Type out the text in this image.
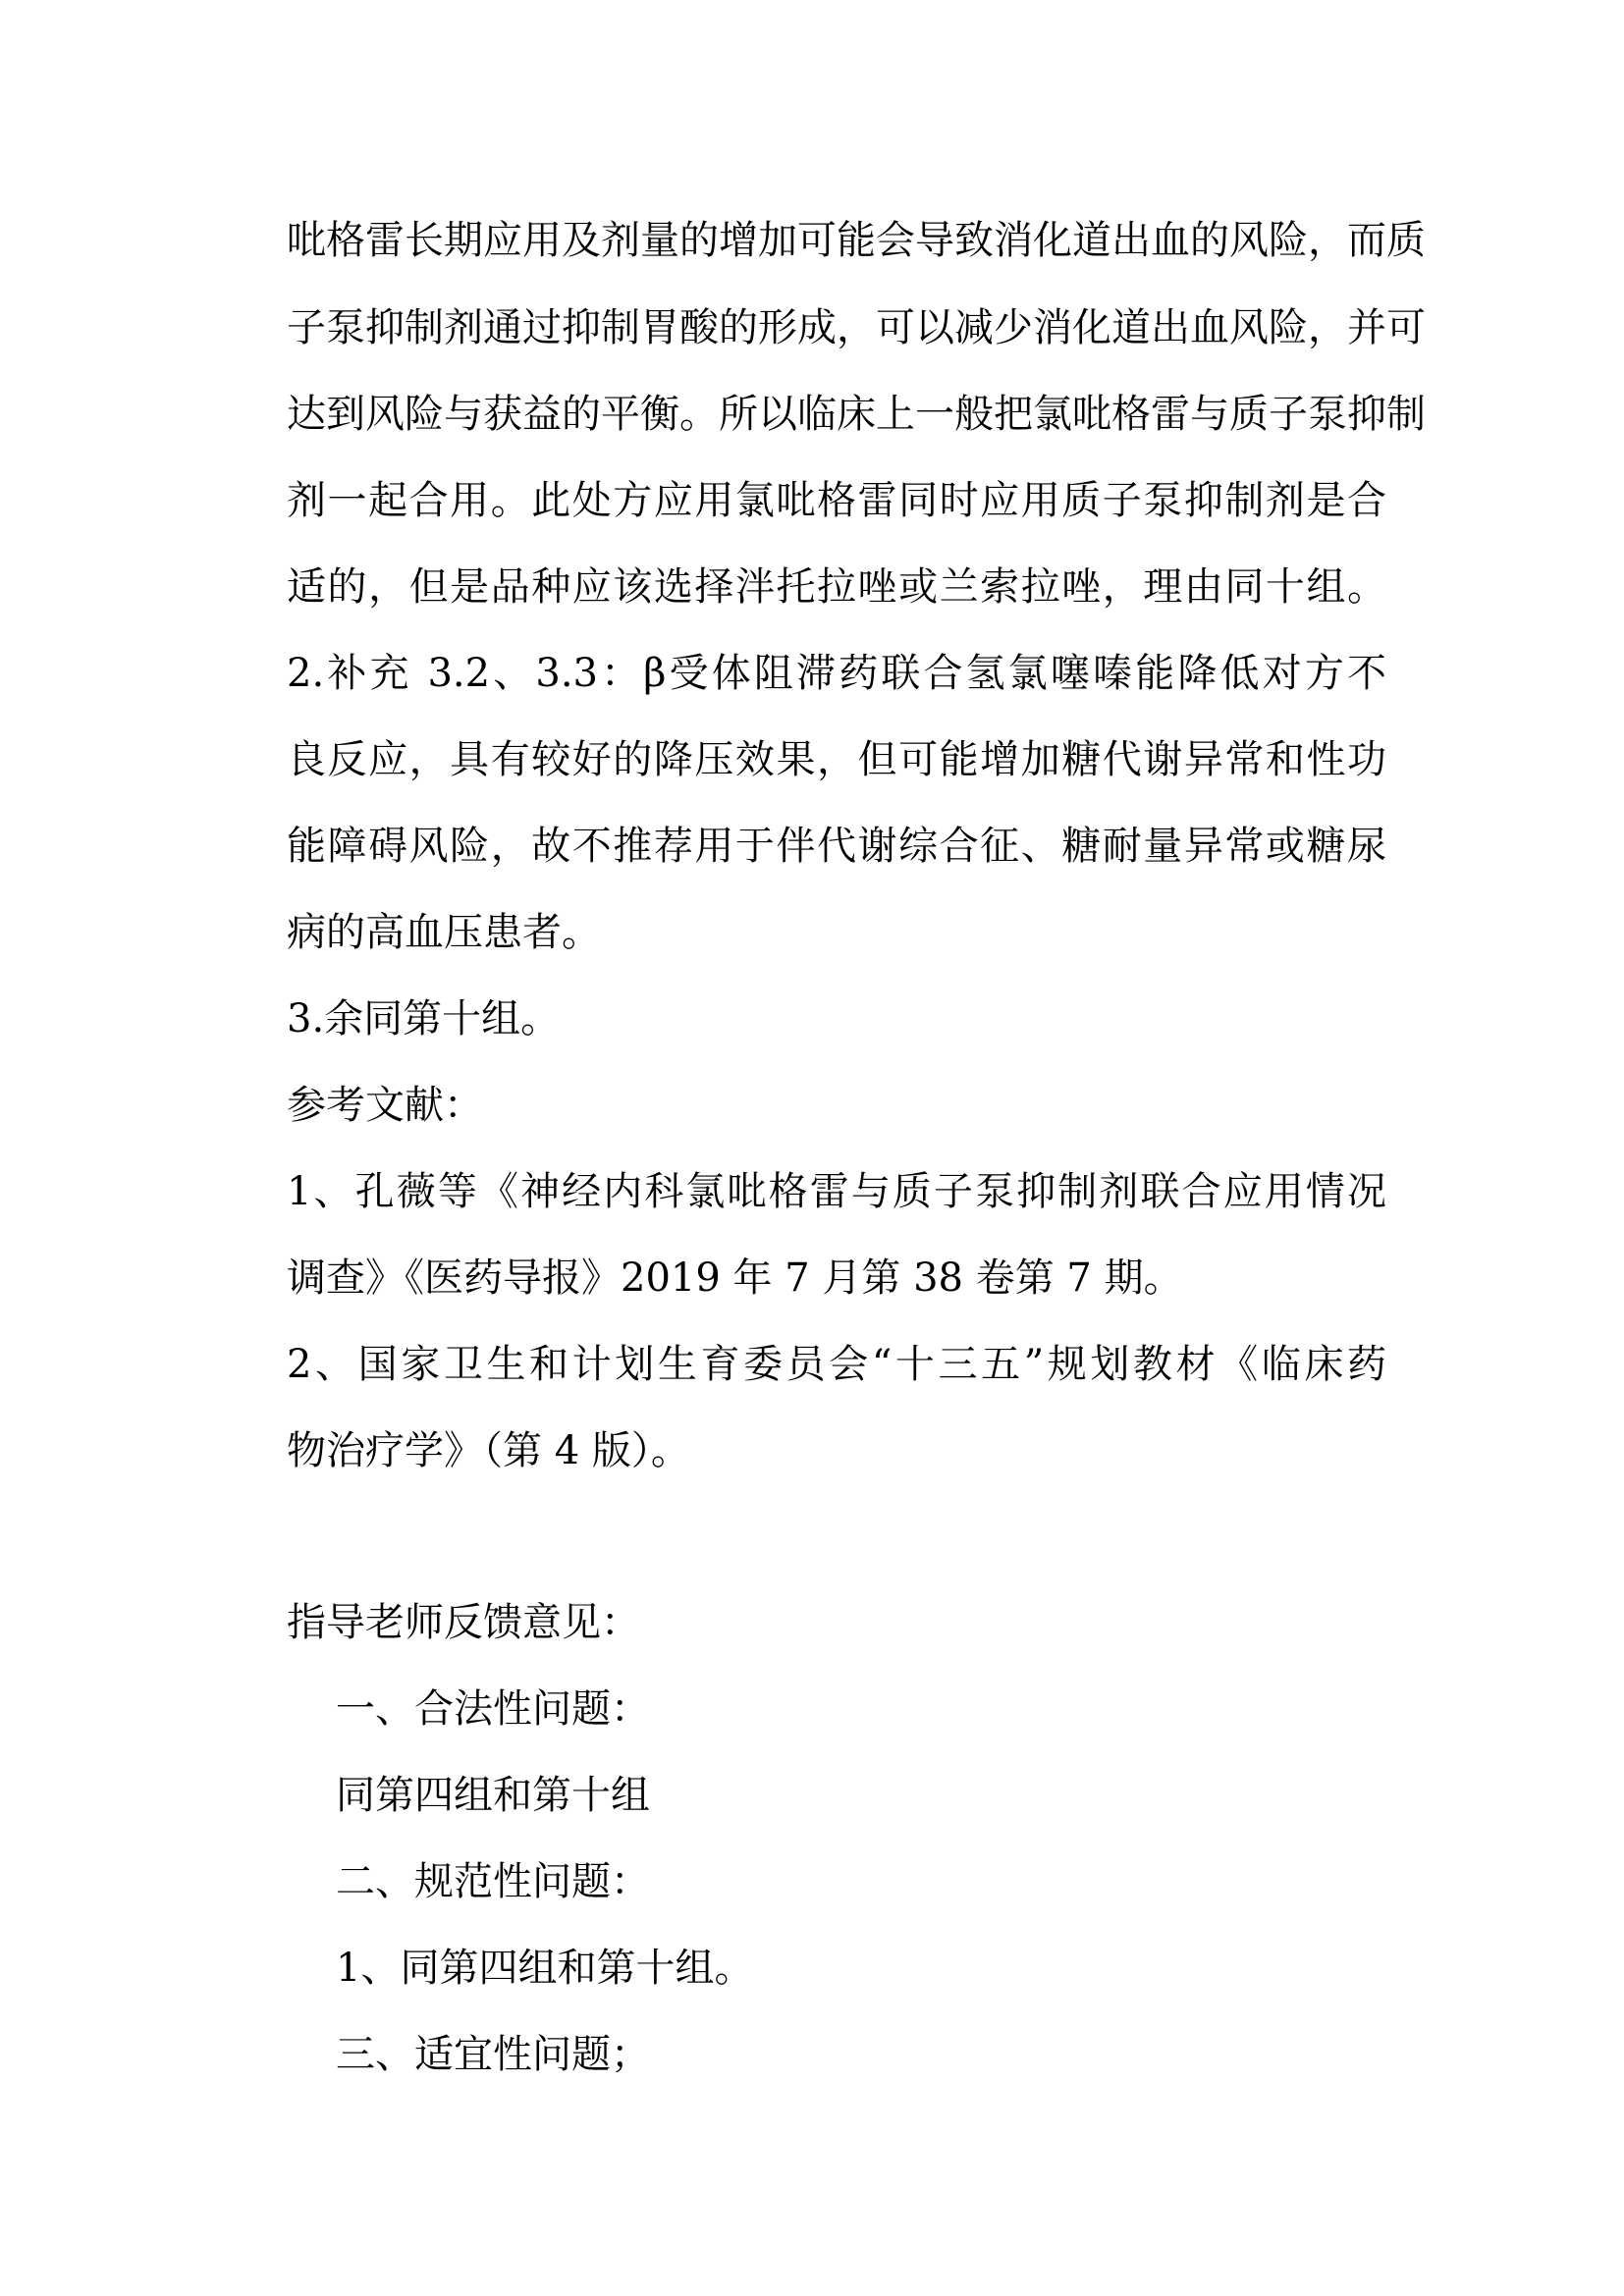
吡格雷长期应用及剂量的增加可能会导致消化道出血的风险，而质
子泵抑制剂通过抑制胃酸的形成，可以减少消化道出血风险，并可
达到风险与获益的平衡。所以临床上一般把氯吡格雷与质子泵抑制
剂一起合用。此处方应用氯吡格雷同时应用质子泵抑制剂是合
适的，但是品种应该选择泮托拉唑或兰索拉唑，理由同十组。
2.补充 3.2、3.3：β受体阻滞药联合氢氯噻嗪能降低对方不
良反应，具有较好的降压效果，但可能增加糖代谢异常和性功
能障碍风险，故不推荐用于伴代谢综合征、糖耐量异常或糖尿
病的高血压患者。
3.余同第十组。
参考文献：
1、孔薇等《神经内科氯吡格雷与质子泵抑制剂联合应用情况
调查》《医药导报》2019 年 7 月第 38 卷第 7 期。
2、国家卫生和计划生育委员会“十三五”规划教材《临床药
物治疗学》（第 4 版）。
指导老师反馈意见：
一、合法性问题：
同第四组和第十组
二、规范性问题：
1、同第四组和第十组。
三、适宜性问题；
